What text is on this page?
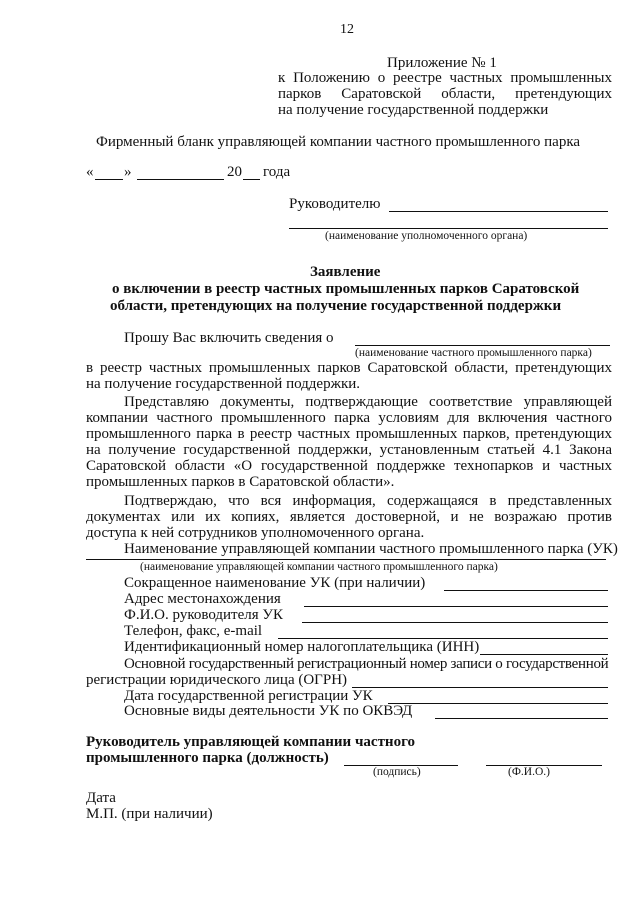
12
Приложение № 1
к Положению о реестре частных промышленных
парков Саратовской области, претендующих
на получение государственной поддержки
Фирменный бланк управляющей компании частного промышленного парка
« »	20 года
Руководителю
(наименование уполномоченного органа)
Заявление
о включении в реестр частных промышленных парков Саратовской
области, претендующих на получение государственной поддержки
Прошу Вас включить сведения о
(наименование частного промышленного парка)
в реестр частных промышленных парков Саратовской области, претендующих
на получение государственной поддержки.
Представляю документы, подтверждающие соответствие управляющей
компании частного промышленного парка условиям для включения частного
промышленного парка в реестр частных промышленных парков, претендующих
на получение государственной поддержки, установленным статьей 4.1 Закона
Саратовской области «О государственной поддержке технопарков и частных
промышленных парков в Саратовской области».
Подтверждаю, что вся информация, содержащаяся в представленных
документах или их копиях, является достоверной, и не возражаю против
доступа к ней сотрудников уполномоченного органа.
Наименование управляющей компании частного промышленного парка (УК)
(наименование управляющей компании частного промышленного парка)
Сокращенное наименование УК (при наличии)
Адрес местонахождения
Ф.И.О. руководителя УК
Телефон, факс, e-mail
Идентификационный номер налогоплательщика (ИНН)
Основной государственный регистрационный номер записи о государственной
регистрации юридического лица (ОГРН)
Дата государственной регистрации УК
Основные виды деятельности УК по ОКВЭД
Руководитель управляющей компании частного
промышленного парка (должность)
(подпись)	(Ф.И.О.)
Дата
М.П. (при наличии)
